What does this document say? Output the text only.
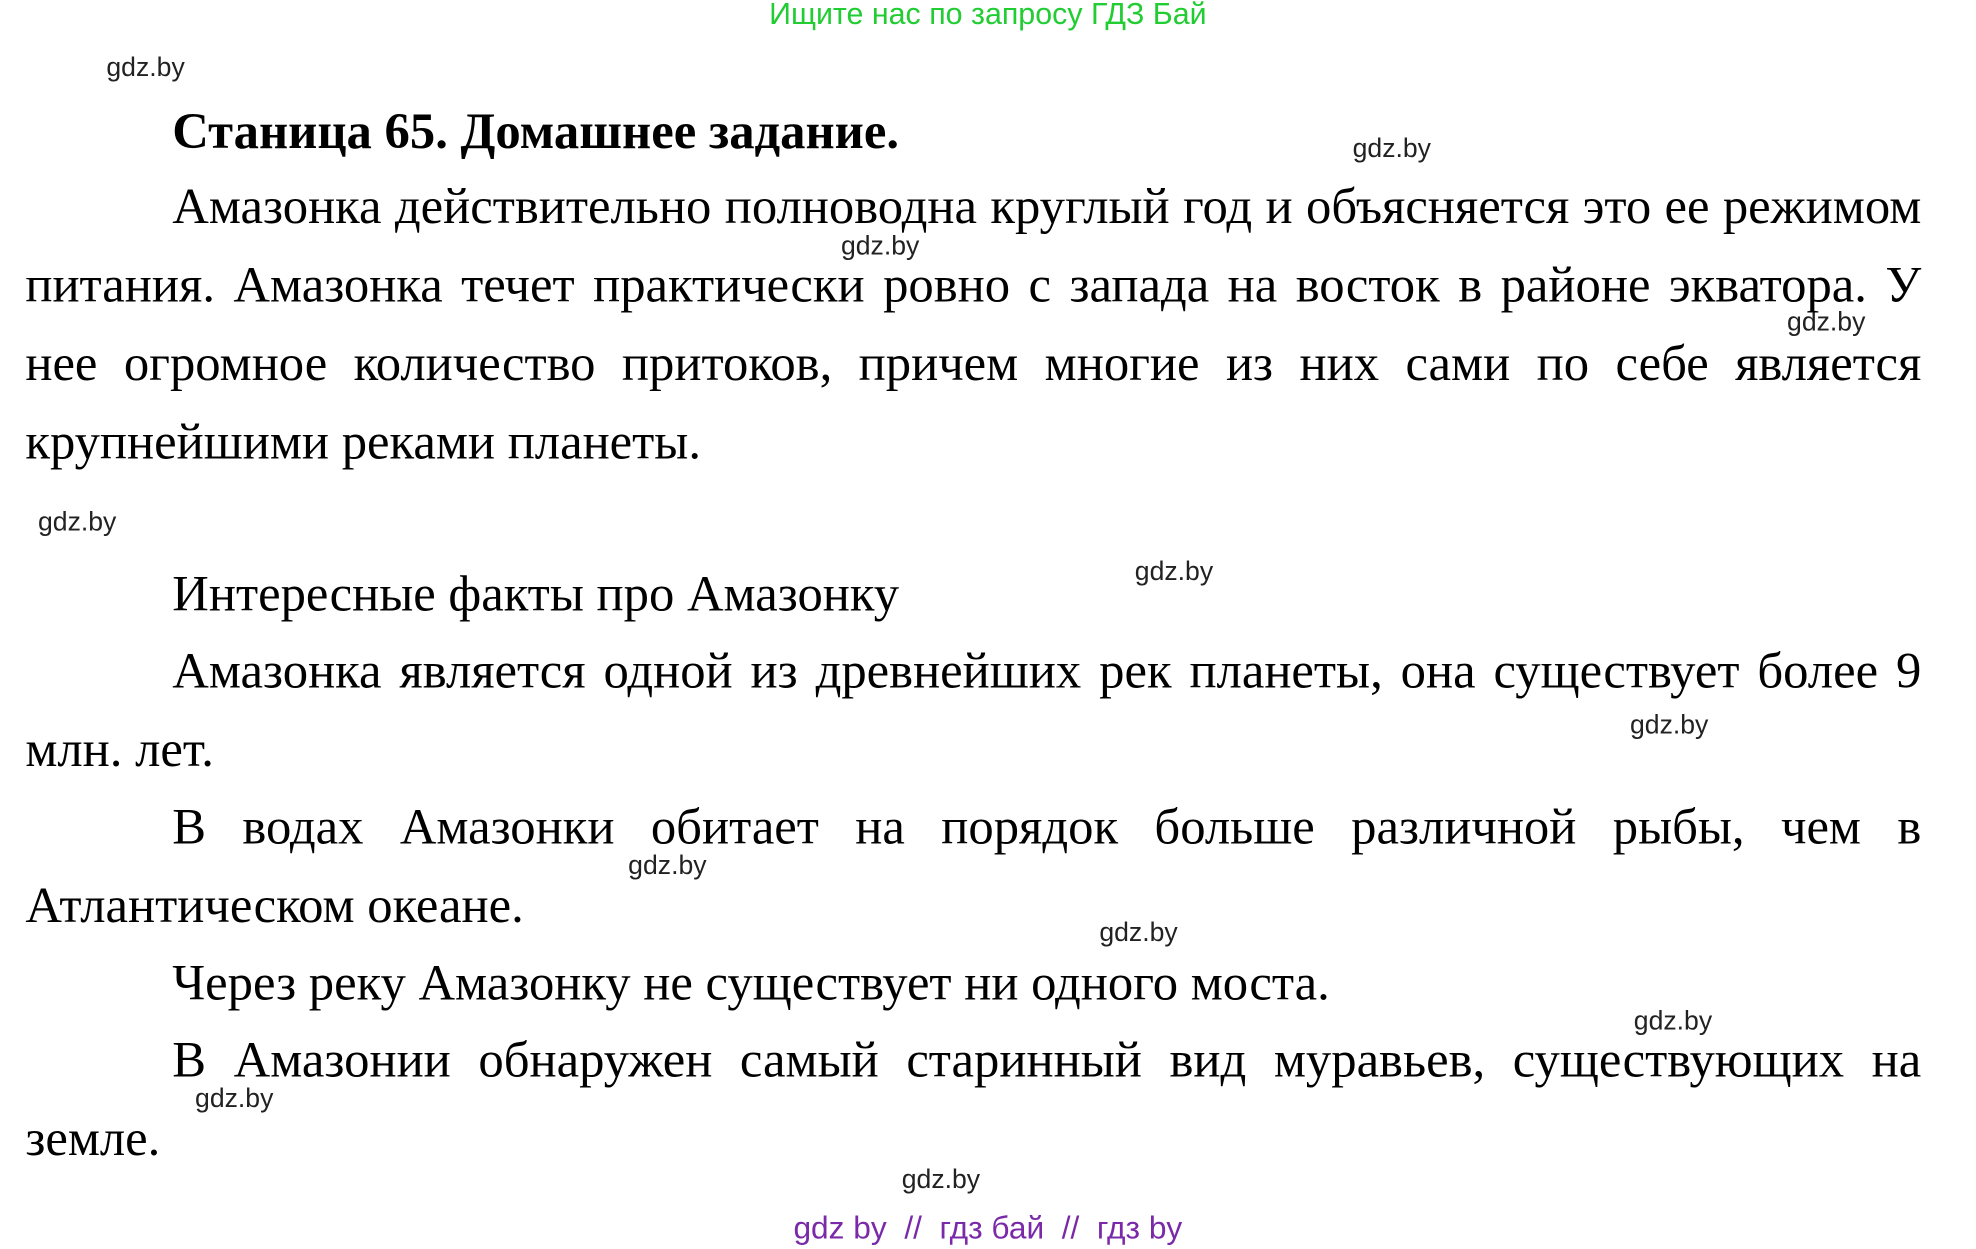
Ищите нас по запросу ГДЗ Бай
gdz.by
gdz.by
gdz.by
gdz.by
gdz.by
gdz.by
gdz.by
gdz.by
gdz.by
gdz.by
gdz.by
gdz.by
Станица 65. Домашнее задание.

Амазонка действительно полноводна круглый год и объясняется это ее режимом питания. Амазонка течет практически ровно с запада на восток в районе экватора. У нее огромное количество притоков, причем многие из них сами по себе является крупнейшими реками планеты.

Интересные факты про Амазонку

Амазонка является одной из древнейших рек планеты, она существует более 9 млн. лет.

В водах Амазонки обитает на порядок больше различной рыбы, чем в Атлантическом океане.

Через реку Амазонку не существует ни одного моста.

В Амазонии обнаружен самый старинный вид муравьев, существующих на земле.

gdz by  //  гдз бай  //  гдз by
